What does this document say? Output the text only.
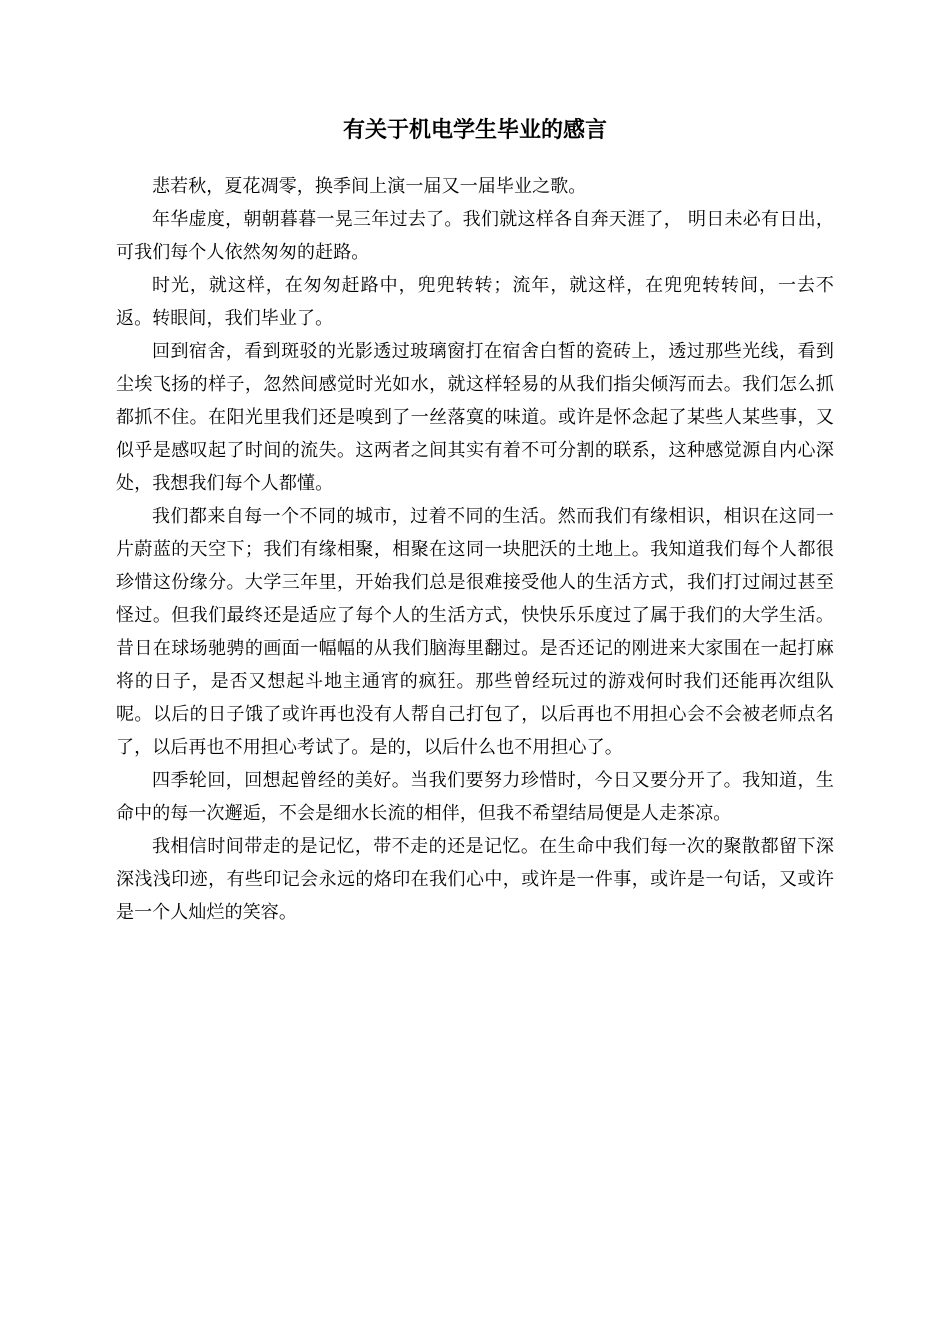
有关于机电学生毕业的感言

悲若秋，夏花凋零，换季间上演一届又一届毕业之歌。

年华虚度，朝朝暮暮一晃三年过去了。我们就这样各自奔天涯了， 明日未必有日出，可我们每个人依然匆匆的赶路。

时光，就这样，在匆匆赶路中，兜兜转转；流年，就这样，在兜兜转转间，一去不返。转眼间，我们毕业了。

回到宿舍，看到斑驳的光影透过玻璃窗打在宿舍白皙的瓷砖上，透过那些光线，看到尘埃飞扬的样子，忽然间感觉时光如水，就这样轻易的从我们指尖倾泻而去。我们怎么抓都抓不住。在阳光里我们还是嗅到了一丝落寞的味道。或许是怀念起了某些人某些事，又似乎是感叹起了时间的流失。这两者之间其实有着不可分割的联系，这种感觉源自内心深处，我想我们每个人都懂。

我们都来自每一个不同的城市，过着不同的生活。然而我们有缘相识，相识在这同一片蔚蓝的天空下；我们有缘相聚，相聚在这同一块肥沃的土地上。我知道我们每个人都很珍惜这份缘分。大学三年里，开始我们总是很难接受他人的生活方式，我们打过闹过甚至怪过。但我们最终还是适应了每个人的生活方式，快快乐乐度过了属于我们的大学生活。昔日在球场驰骋的画面一幅幅的从我们脑海里翻过。是否还记的刚进来大家围在一起打麻将的日子，是否又想起斗地主通宵的疯狂。那些曾经玩过的游戏何时我们还能再次组队呢。以后的日子饿了或许再也没有人帮自己打包了，以后再也不用担心会不会被老师点名了，以后再也不用担心考试了。是的，以后什么也不用担心了。

四季轮回，回想起曾经的美好。当我们要努力珍惜时，今日又要分开了。我知道，生命中的每一次邂逅，不会是细水长流的相伴，但我不希望结局便是人走茶凉。

我相信时间带走的是记忆，带不走的还是记忆。在生命中我们每一次的聚散都留下深深浅浅印迹，有些印记会永远的烙印在我们心中，或许是一件事，或许是一句话，又或许是一个人灿烂的笑容。
